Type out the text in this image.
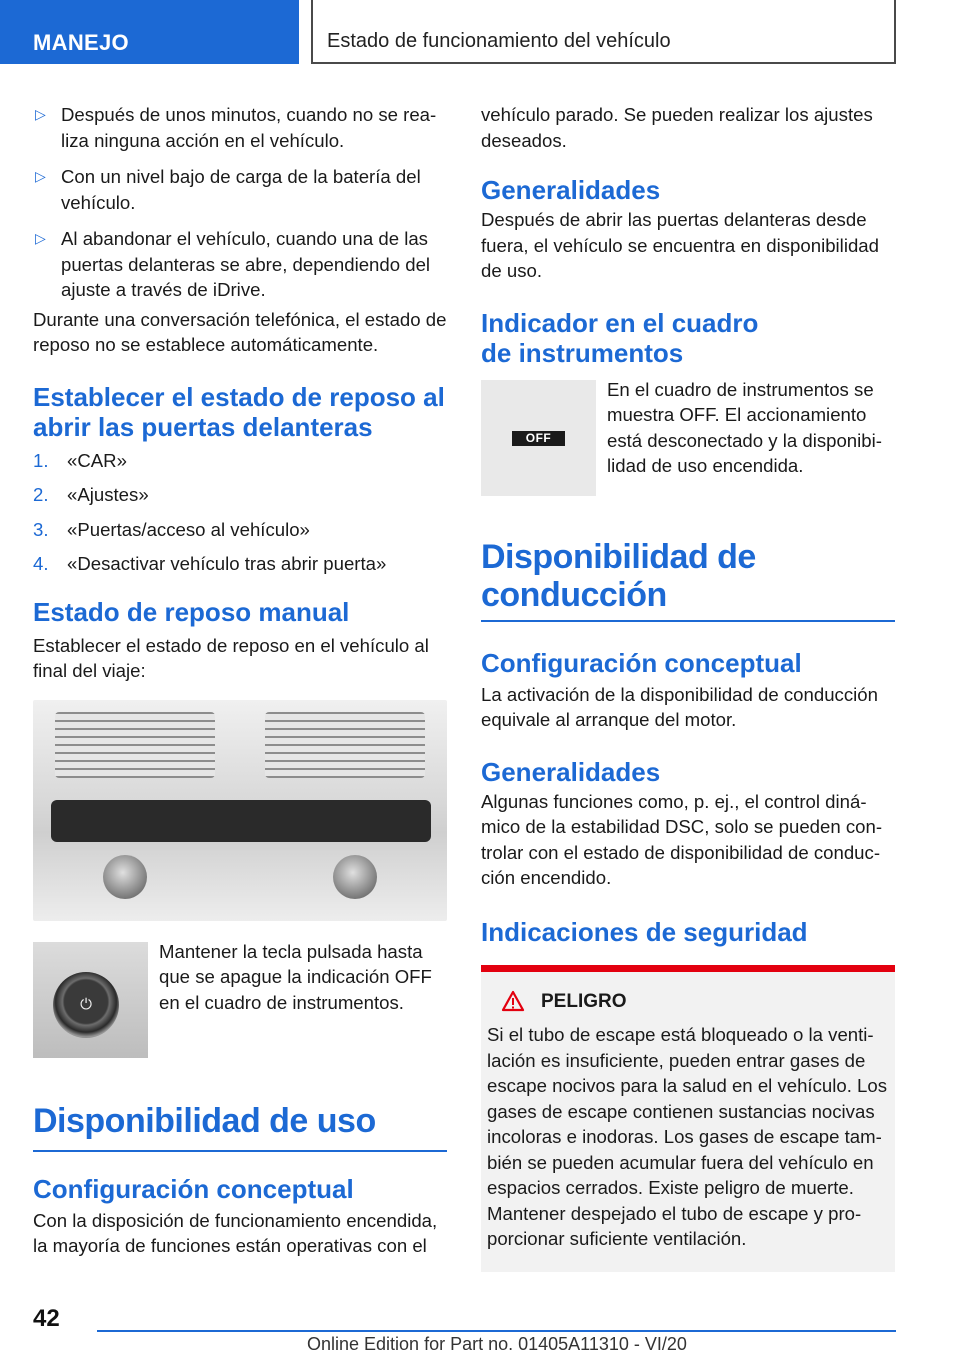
MANEJO	Estado de funcionamiento del vehículo
▷ Después de unos minutos, cuando no se realiza ninguna acción en el vehículo.
▷ Con un nivel bajo de carga de la batería del vehículo.
▷ Al abandonar el vehículo, cuando una de las puertas delanteras se abre, dependiendo del ajuste a través de iDrive.

Durante una conversación telefónica, el estado de reposo no se establece automáticamente.

Establecer el estado de reposo al abrir las puertas delanteras
1. «CAR»
2. «Ajustes»
3. «Puertas/acceso al vehículo»
4. «Desactivar vehículo tras abrir puerta»
Estado de reposo manual

Establecer el estado de reposo en el vehículo al final del viaje:

⏻

Mantener la tecla pulsada hasta que se apague la indicación OFF en el cuadro de instrumentos.

Disponibilidad de uso
Configuración conceptual

Con la disposición de funcionamiento encendida, la mayoría de funciones están operativas con el

vehículo parado. Se pueden realizar los ajustes deseados.

Generalidades

Después de abrir las puertas delanteras desde fuera, el vehículo se encuentra en disponibilidad de uso.

Indicador en el cuadro de instrumentos
OFF

En el cuadro de instrumentos se muestra OFF. El accionamiento está desconectado y la disponibilidad de uso encendida.

Disponibilidad de conducción
Configuración conceptual

La activación de la disponibilidad de conducción equivale al arranque del motor.

Generalidades

Algunas funciones como, p. ej., el control dinámico de la estabilidad DSC, solo se pueden controlar con el estado de disponibilidad de conducción encendido.

Indicaciones de seguridad
PELIGRO

Si el tubo de escape está bloqueado o la ventilación es insuficiente, pueden entrar gases de escape nocivos para la salud en el vehículo. Los gases de escape contienen sustancias nocivas incoloras e inodoras. Los gases de escape también se pueden acumular fuera del vehículo en espacios cerrados. Existe peligro de muerte. Mantener despejado el tubo de escape y proporcionar suficiente ventilación.

42
Online Edition for Part no. 01405A11310 - VI/20
